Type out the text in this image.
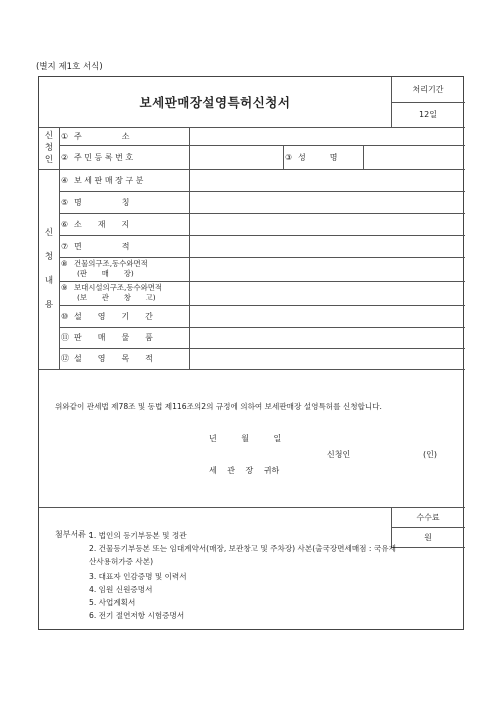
(별지 제1호 서식)
보세판매장설영특허신청서
처리기간
12일
신
청
인
① 주　　　　　소
② 주 민 등 록 번 호	③ 성　　　명
신
청
내
용
④ 보 세 판 매 장 구 분
⑤ 명　　　　　칭
⑥ 소　　재　　지
⑦ 면　　　　　적
⑧ 건물의구조,동수와면적
(판　　매　　장)
⑨ 보대시설의구조,동수와면적
(보　　관　　창　　고)
⑩ 설　　영　　기　　간
⑪ 판　　매　　물　　품
⑫ 설　　영　　목　　적
위와같이 관세법 제78조 및 동법 제116조의2의 규정에 의하여 보세판매장 설영특허를 신청합니다.
년 월 일
신청인	(인)
세 관 장 귀하
수수료
원
첨부서류 :
1. 법인의 등기부등본 및 정관
2. 건물등기부등본 또는 임대계약서(매장, 보관창고 및 주차장) 사본(출국장면세매점 : 국유재산사용허가증 사본)
3. 대표자 인감증명 및 이력서
4. 임원 신원증명서
5. 사업계획서
6. 전기 절연저항 시험증명서
